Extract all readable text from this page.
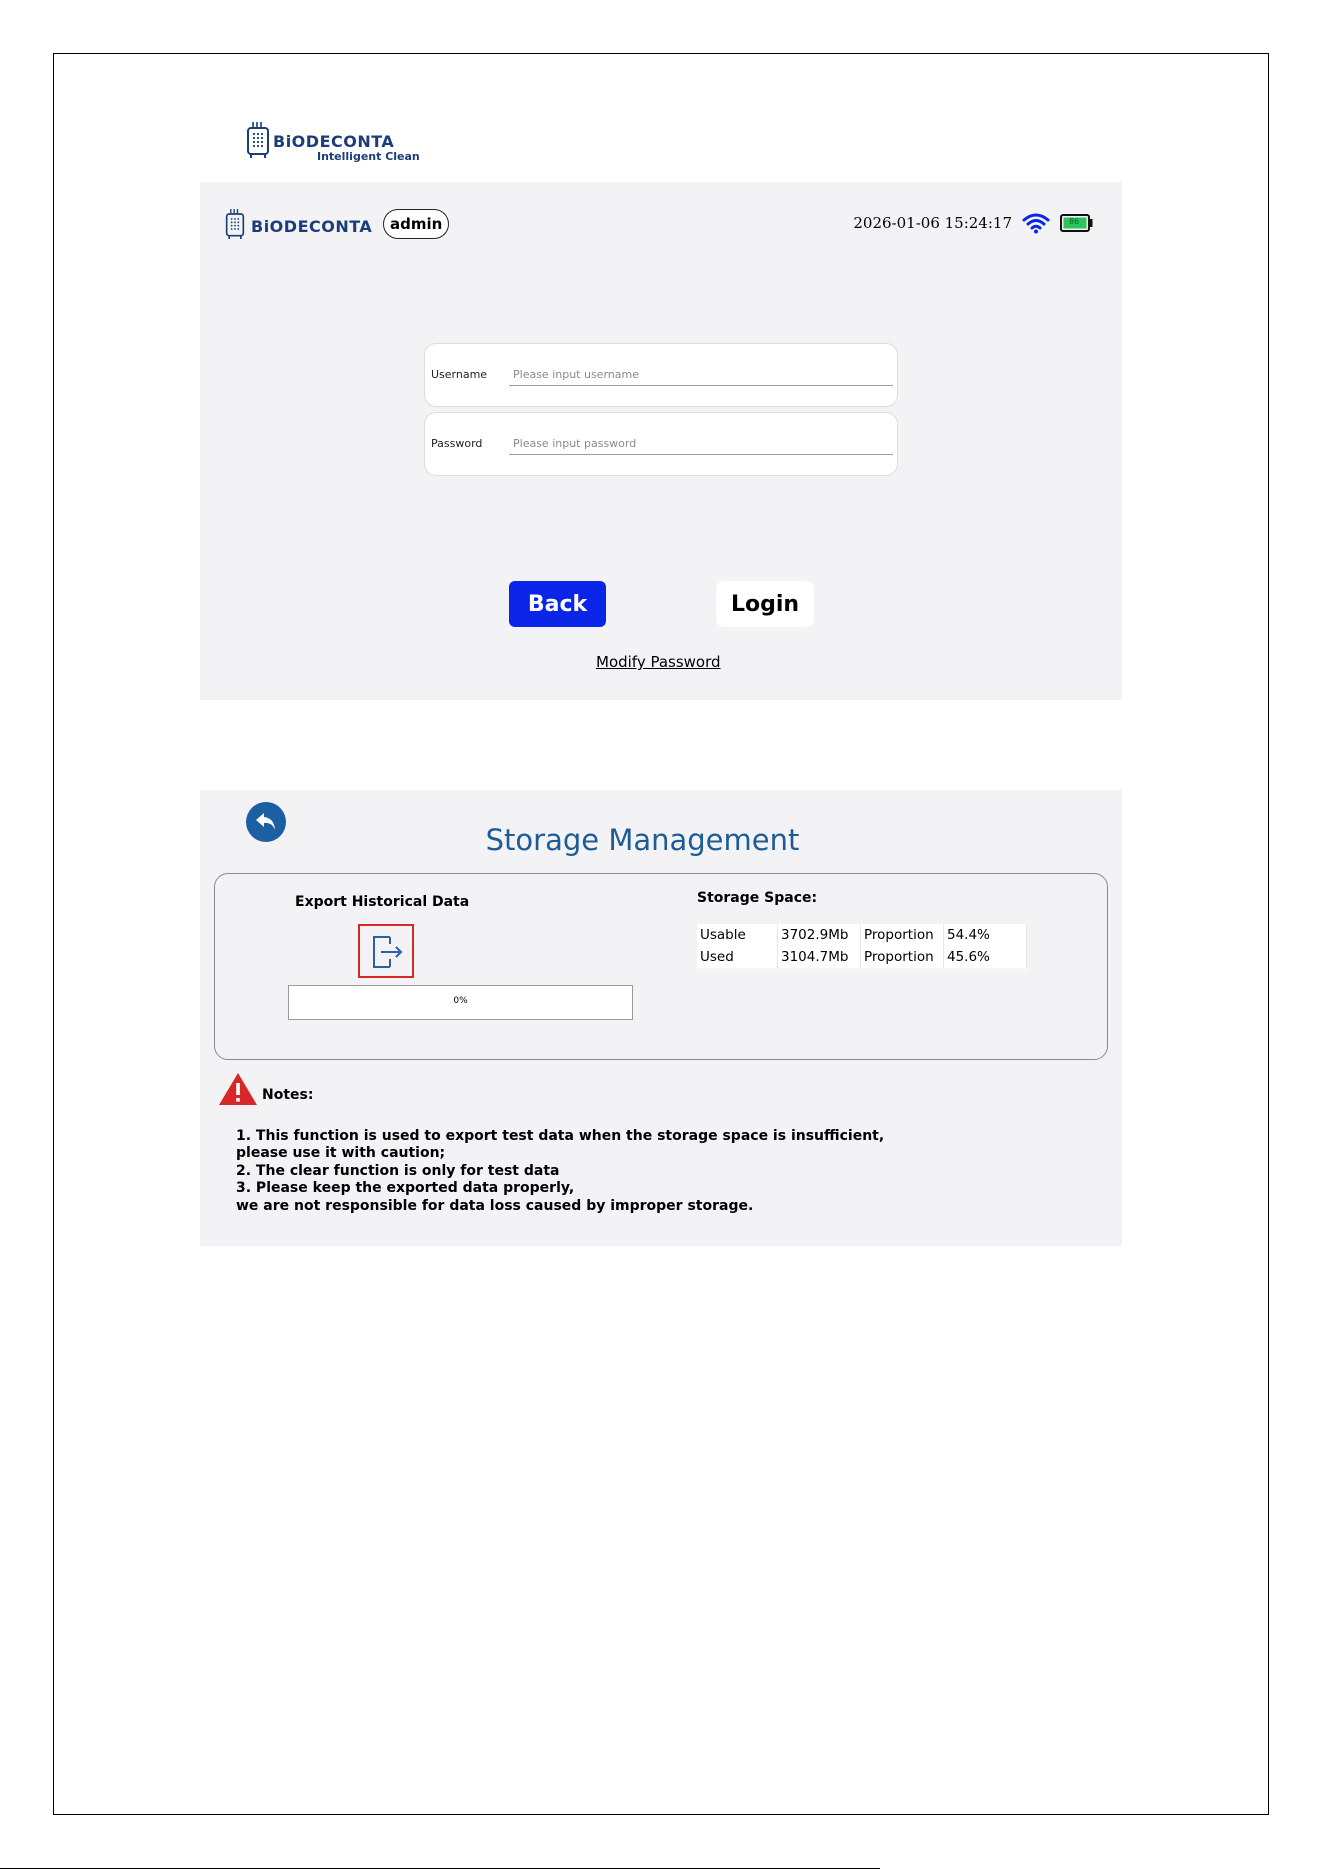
BiODECONTA
Intelligent Clean
BiODECONTA	admin	2026-01-06 15:24:17	86
Username
Please input username
Password
Back	Login
Modify Password
Storage Management
Export Historical Data
0%
Storage Space:
Usable	3702.9Mb	Proportion	54.4%
Used	3104.7Mb	Proportion	45.6%
Notes:
1. This function is used to export test data when the storage space is insufficient,
please use it with caution;
2. The clear function is only for test data
3. Please keep the exported data properly,
we are not responsible for data loss caused by improper storage.
